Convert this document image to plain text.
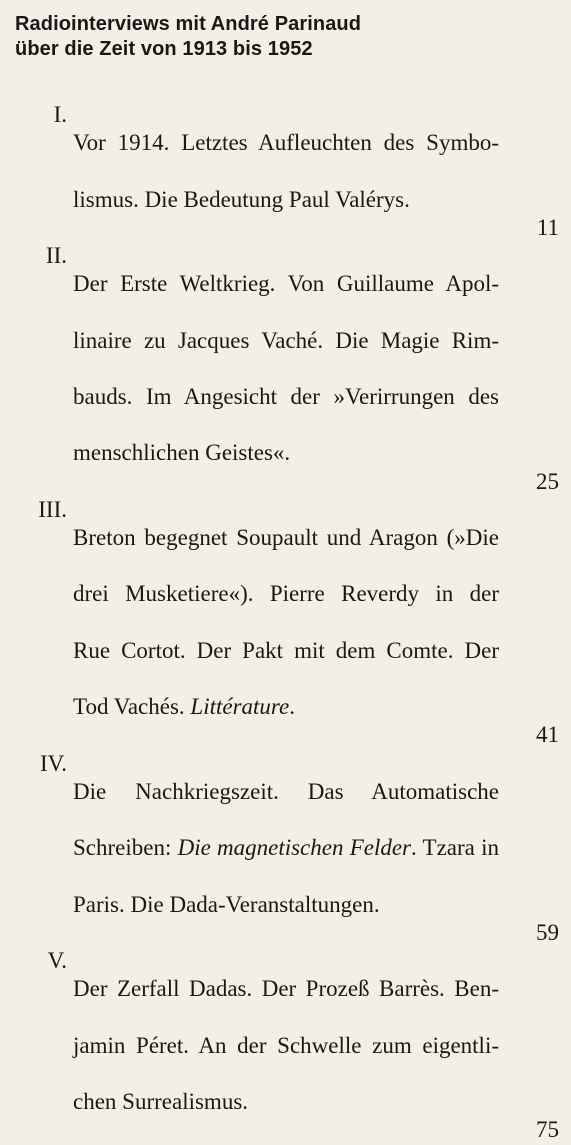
Radiointerviews mit André Parinaud
über die Zeit von 1913 bis 1952
I.

Vor 1914. Letztes Aufleuchten des Symbo-

lismus. Die Bedeutung Paul Valérys.

11
II.

Der Erste Weltkrieg. Von Guillaume Apol-

linaire zu Jacques Vaché. Die Magie Rim-

bauds. Im Angesicht der »Verirrungen des

menschlichen Geistes«.

25
III.

Breton begegnet Soupault und Aragon (»Die

drei Musketiere«). Pierre Reverdy in der

Rue Cortot. Der Pakt mit dem Comte. Der

Tod Vachés. Littérature.

41
IV.

Die Nachkriegszeit. Das Automatische

Schreiben: Die magnetischen Felder. Tzara in

Paris. Die Dada-Veranstaltungen.

59
V.

Der Zerfall Dadas. Der Prozeß Barrès. Ben-

jamin Péret. An der Schwelle zum eigentli-

chen Surrealismus.

75
